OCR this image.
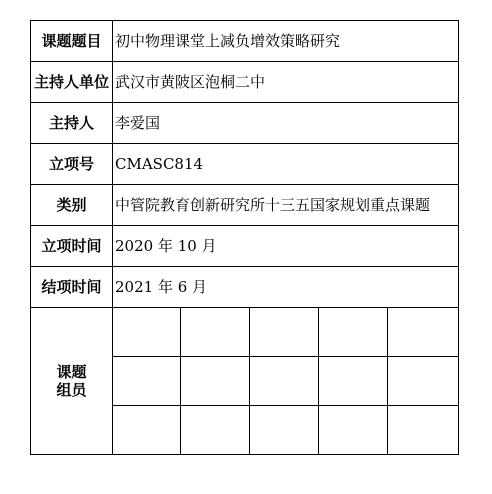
课题题目	初中物理课堂上减负增效策略研究				
主持人单位	武汉市黄陂区泡桐二中				
主持人	李爱国				
立项号	CMASC814				
类别	中管院教育创新研究所十三五国家规划重点课题				
立项时间	2020 年 10 月				
结项时间	2021 年 6 月				

课题
组员					
